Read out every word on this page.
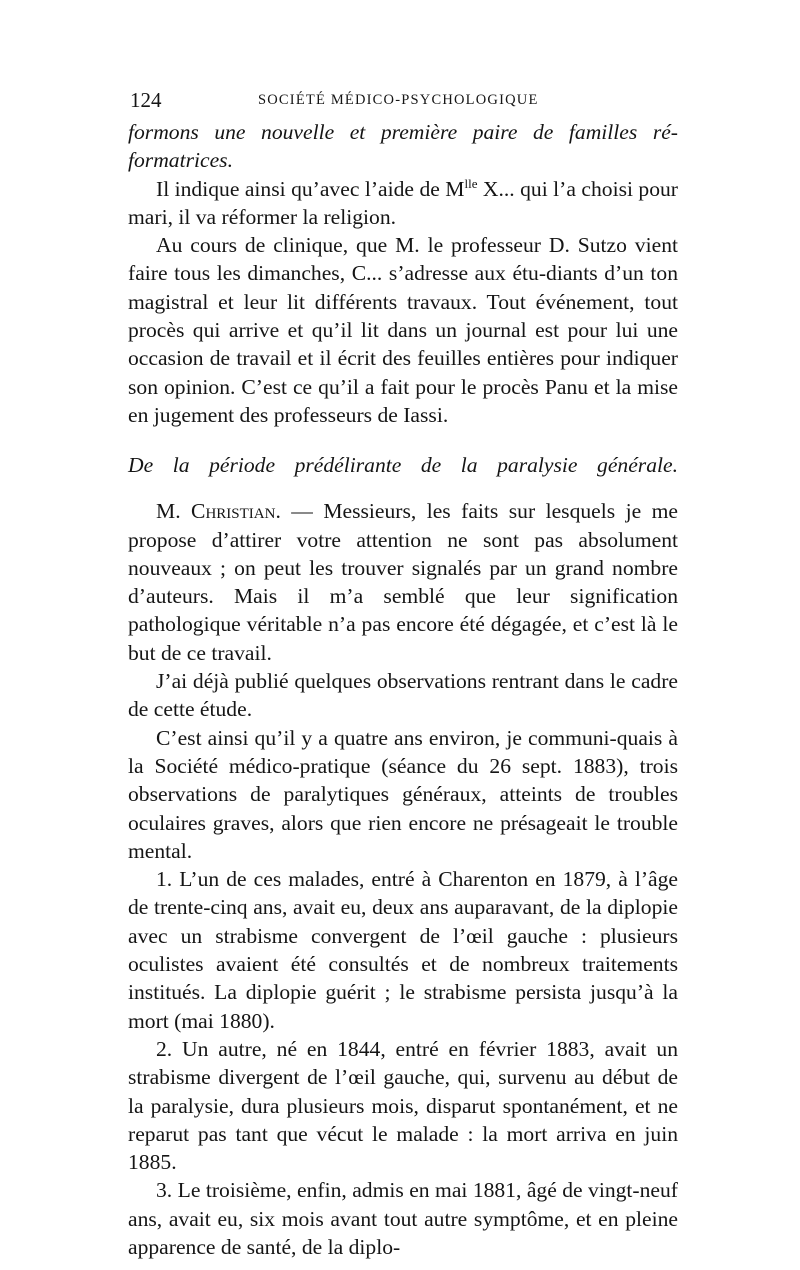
124	SOCIÉTÉ MÉDICO-PSYCHOLOGIQUE

formons une nouvelle et première paire de familles ré-formatrices.

Il indique ainsi qu’avec l’aide de $M^{lle}$ X... qui l’a choisi pour mari, il va réformer la religion.

Au cours de clinique, que M. le professeur D. Sutzo vient faire tous les dimanches, C... s’adresse aux étu-diants d’un ton magistral et leur lit différents travaux. Tout événement, tout procès qui arrive et qu’il lit dans un journal est pour lui une occasion de travail et il écrit des feuilles entières pour indiquer son opinion. C’est ce qu’il a fait pour le procès Panu et la mise en jugement des professeurs de Iassi.

De la période prédélirante de la paralysie générale.

M. Christian. — Messieurs, les faits sur lesquels je me propose d’attirer votre attention ne sont pas absolument nouveaux ; on peut les trouver signalés par un grand nombre d’auteurs. Mais il m’a semblé que leur signification pathologique véritable n’a pas encore été dégagée, et c’est là le but de ce travail.

J’ai déjà publié quelques observations rentrant dans le cadre de cette étude.

C’est ainsi qu’il y a quatre ans environ, je communi-quais à la Société médico-pratique (séance du 26 sept. 1883), trois observations de paralytiques généraux, atteints de troubles oculaires graves, alors que rien encore ne présageait le trouble mental.

1. L’un de ces malades, entré à Charenton en 1879, à l’âge de trente-cinq ans, avait eu, deux ans auparavant, de la diplopie avec un strabisme convergent de l’œil gauche : plusieurs oculistes avaient été consultés et de nombreux traitements institués. La diplopie guérit ; le strabisme persista jusqu’à la mort (mai 1880).

2. Un autre, né en 1844, entré en février 1883, avait un strabisme divergent de l’œil gauche, qui, survenu au début de la paralysie, dura plusieurs mois, disparut spontanément, et ne reparut pas tant que vécut le malade : la mort arriva en juin 1885.

3. Le troisième, enfin, admis en mai 1881, âgé de vingt-neuf ans, avait eu, six mois avant tout autre symptôme, et en pleine apparence de santé, de la diplo-
